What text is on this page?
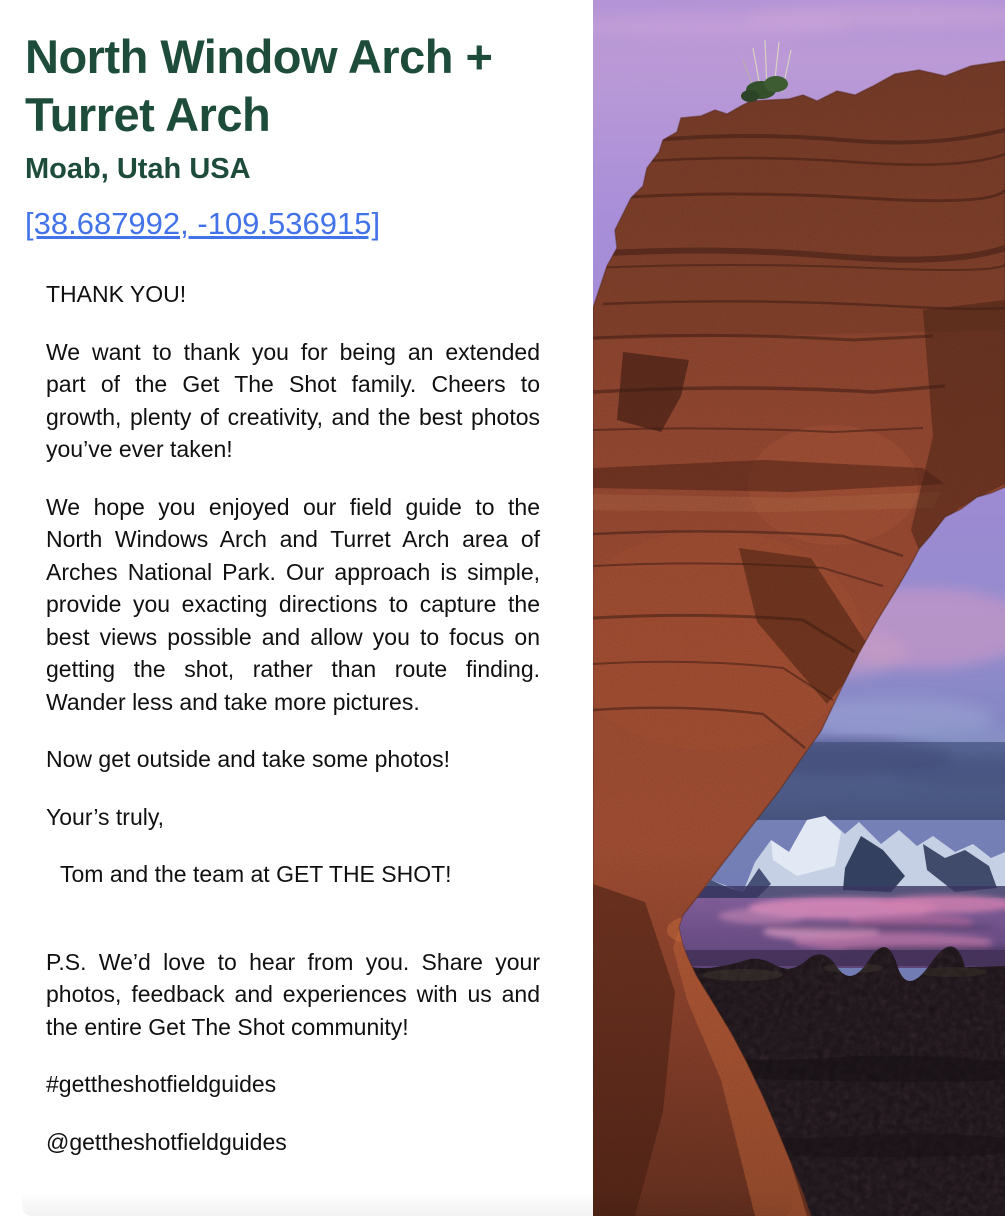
North Window Arch + Turret Arch
Moab, Utah USA
[38.687992, -109.536915]

THANK YOU!

We want to thank you for being an extended part of the Get The Shot family. Cheers to growth, plenty of creativity, and the best photos you’ve ever taken!

We hope you enjoyed our field guide to the North Windows Arch and Turret Arch area of Arches National Park. Our approach is simple, provide you exacting directions to capture the best views possible and allow you to focus on getting the shot, rather than route finding. Wander less and take more pictures.

Now get outside and take some photos!

Your’s truly,

Tom and the team at GET THE SHOT!

P.S. We’d love to hear from you. Share your photos, feedback and experiences with us and the entire Get The Shot community!

#gettheshotfieldguides

@gettheshotfieldguides
